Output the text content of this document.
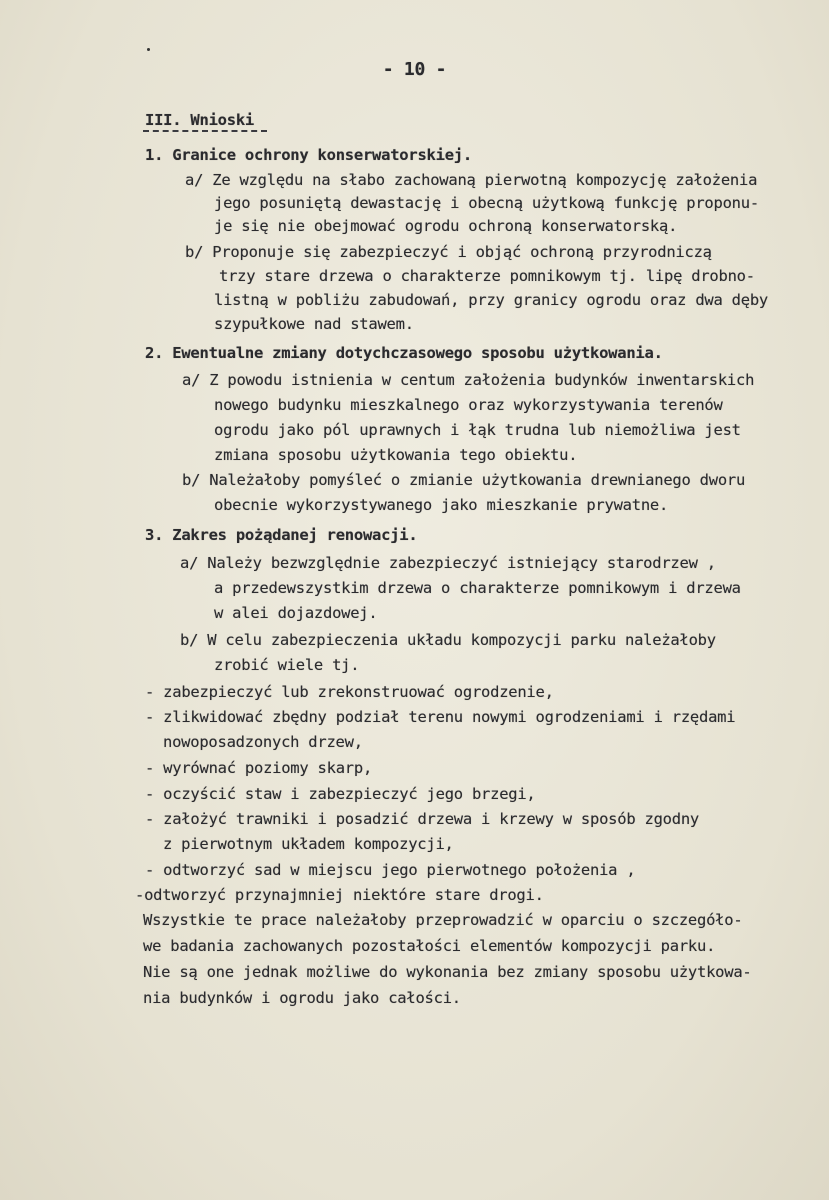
- 10 -
III. Wnioski
1. Granice ochrony konserwatorskiej.
a/ Ze względu na słabo zachowaną pierwotną kompozycję założenia
jego posuniętą dewastację i obecną użytkową funkcję proponu-
je się nie obejmować ogrodu ochroną konserwatorską.
b/ Proponuje się zabezpieczyć i objąć ochroną przyrodniczą
trzy stare drzewa o charakterze pomnikowym tj. lipę drobno-
listną w pobliżu zabudowań, przy granicy ogrodu oraz dwa dęby
szypułkowe nad stawem.
2. Ewentualne zmiany dotychczasowego sposobu użytkowania.
a/ Z powodu istnienia w centum założenia budynków inwentarskich
nowego budynku mieszkalnego oraz wykorzystywania terenów
ogrodu jako pól uprawnych i łąk trudna lub niemożliwa jest
zmiana sposobu użytkowania tego obiektu.
b/ Należałoby pomyśleć o zmianie użytkowania drewnianego dworu
obecnie wykorzystywanego jako mieszkanie prywatne.
3. Zakres pożądanej renowacji.
a/ Należy bezwzględnie zabezpieczyć istniejący starodrzew ,
a przedewszystkim drzewa o charakterze pomnikowym i drzewa
w alei dojazdowej.
b/ W celu zabezpieczenia układu kompozycji parku należałoby
zrobić wiele tj.
- zabezpieczyć lub zrekonstruować ogrodzenie,
- zlikwidować zbędny podział terenu nowymi ogrodzeniami i rzędami
nowoposadzonych drzew,
- wyrównać poziomy skarp,
- oczyścić staw i zabezpieczyć jego brzegi,
- założyć trawniki i posadzić drzewa i krzewy w sposób zgodny
z pierwotnym układem kompozycji,
- odtworzyć sad w miejscu jego pierwotnego położenia ,
-odtworzyć przynajmniej niektóre stare drogi.
Wszystkie te prace należałoby przeprowadzić w oparciu o szczegóło-
we badania zachowanych pozostałości elementów kompozycji parku.
Nie są one jednak możliwe do wykonania bez zmiany sposobu użytkowa-
nia budynków i ogrodu jako całości.
